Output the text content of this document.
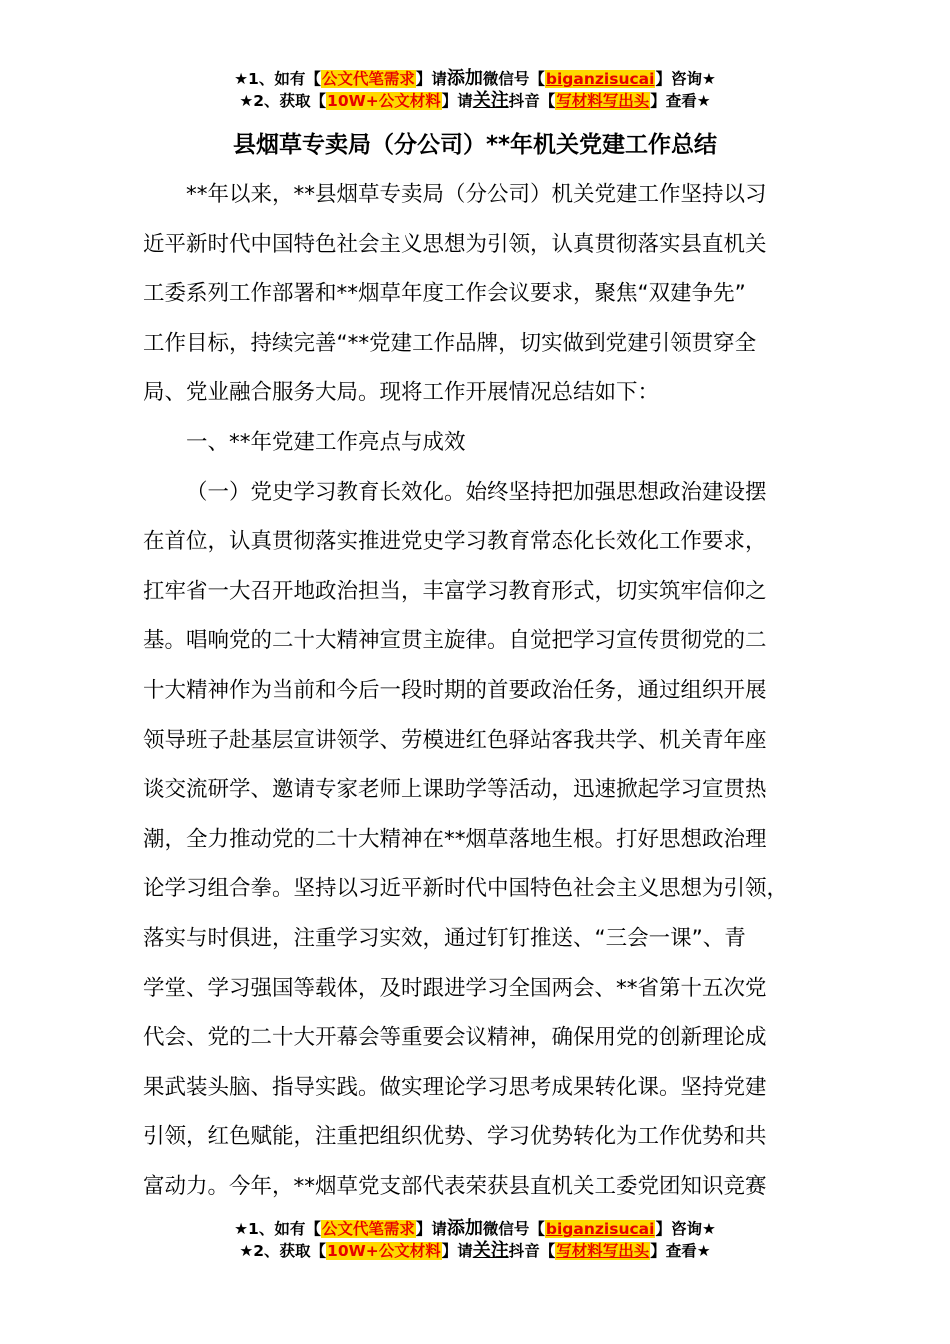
★1、如有【公文代笔需求】请添加微信号【biganzisucai】咨询★
★2、获取【10W+公文材料】请关注抖音【写材料写出头】查看★
县烟草专卖局（分公司）**年机关党建工作总结
**年以来，**县烟草专卖局（分公司）机关党建工作坚持以习
近平新时代中国特色社会主义思想为引领，认真贯彻落实县直机关
工委系列工作部署和**烟草年度工作会议要求，聚焦“双建争先”
工作目标，持续完善“**党建工作品牌，切实做到党建引领贯穿全
局、党业融合服务大局。现将工作开展情况总结如下：
一、**年党建工作亮点与成效
（一）党史学习教育长效化。始终坚持把加强思想政治建设摆
在首位，认真贯彻落实推进党史学习教育常态化长效化工作要求，
扛牢省一大召开地政治担当，丰富学习教育形式，切实筑牢信仰之
基。唱响党的二十大精神宣贯主旋律。自觉把学习宣传贯彻党的二
十大精神作为当前和今后一段时期的首要政治任务，通过组织开展
领导班子赴基层宣讲领学、劳模进红色驿站客我共学、机关青年座
谈交流研学、邀请专家老师上课助学等活动，迅速掀起学习宣贯热
潮，全力推动党的二十大精神在**烟草落地生根。打好思想政治理
论学习组合拳。坚持以习近平新时代中国特色社会主义思想为引领，
落实与时俱进，注重学习实效，通过钉钉推送、“三会一课”、青
学堂、学习强国等载体，及时跟进学习全国两会、**省第十五次党
代会、党的二十大开幕会等重要会议精神，确保用党的创新理论成
果武装头脑、指导实践。做实理论学习思考成果转化课。坚持党建
引领，红色赋能，注重把组织优势、学习优势转化为工作优势和共
富动力。今年，**烟草党支部代表荣获县直机关工委党团知识竞赛
★1、如有【公文代笔需求】请添加微信号【biganzisucai】咨询★
★2、获取【10W+公文材料】请关注抖音【写材料写出头】查看★
